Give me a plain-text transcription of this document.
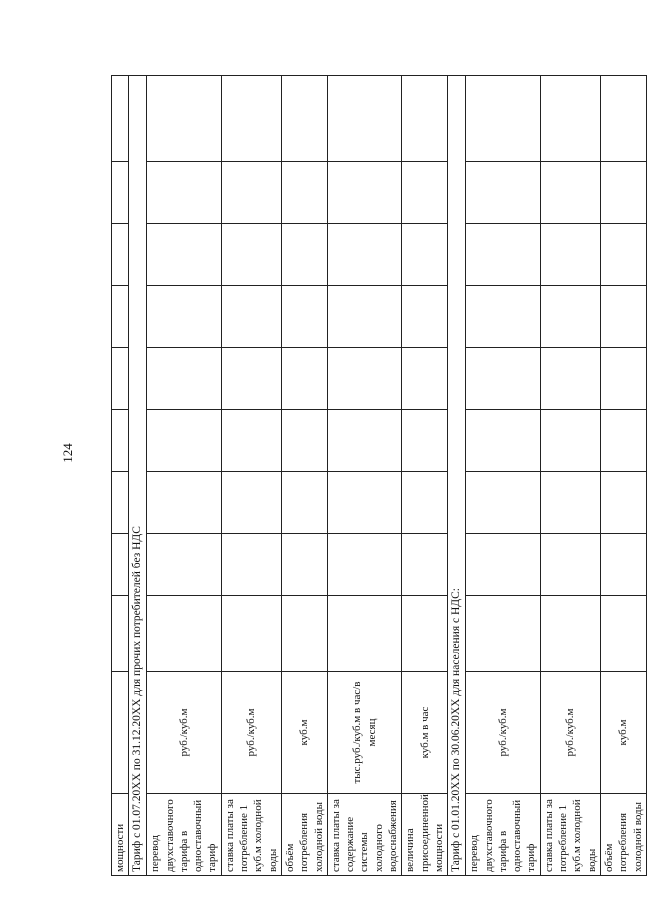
124
мощности										
Тариф с 01.07.20XX по 31.12.20XX для прочих потребителей без НДС										
перевод двухставочного тарифа в одноставочный тариф	руб./куб.м									
ставка платы за потребление 1 куб.м холодной воды	руб./куб.м									
объём потребления холодной воды	куб.м									
ставка платы за содержание системы холодного водоснабжения	тыс.руб./куб.м в час/в месяц									
величина присоединенной мощности	куб.м в час									
Тариф с 01.01.20XX по 30.06.20XX для населения с НДС:										
перевод двухставочного тарифа в одноставочный тариф	руб./куб.м									
ставка платы за потребление 1 куб.м холодной воды	руб./куб.м									
объём потребления холодной воды	куб.м									
